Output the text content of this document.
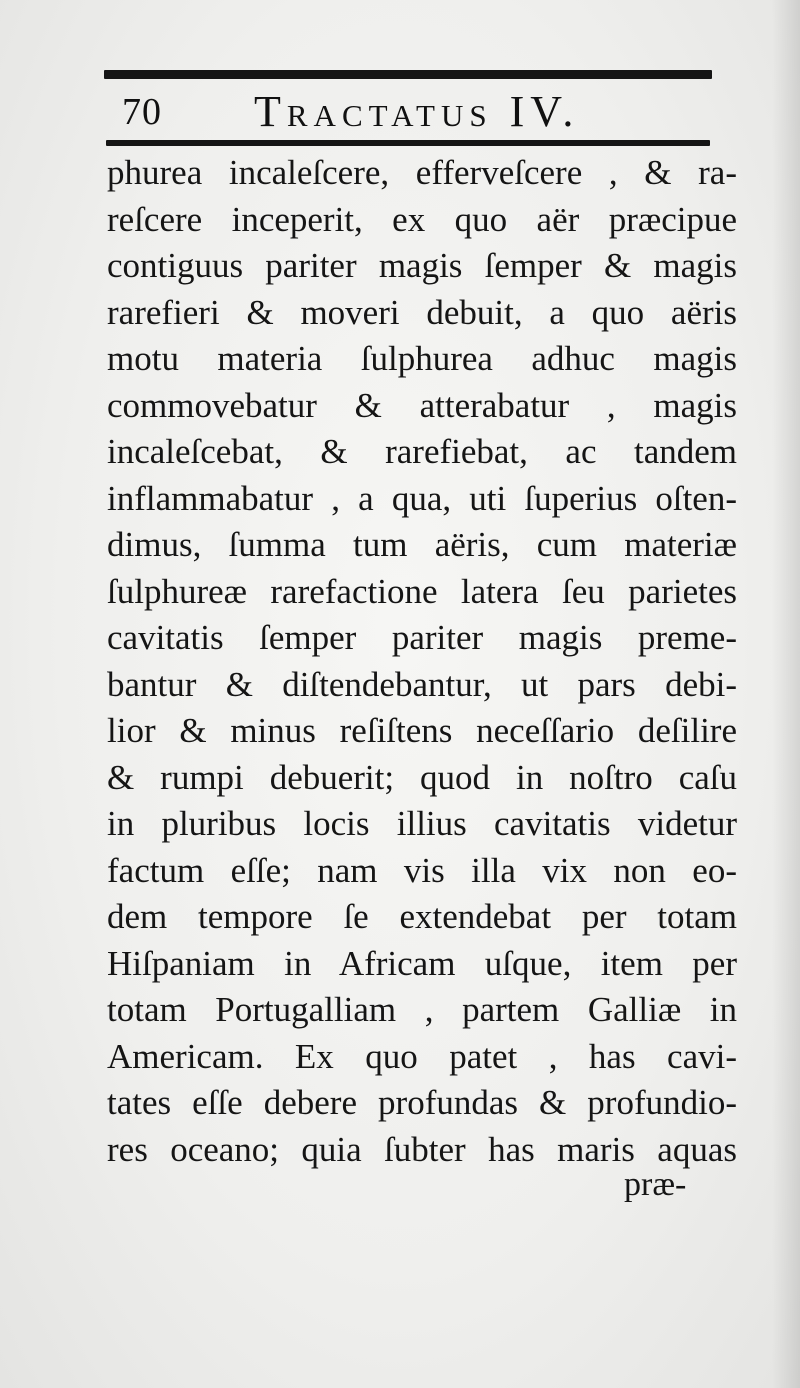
70 Tractatus IV.
phurea incaleſcere, efferveſcere , & ra-
reſcere inceperit, ex quo aër præcipue
contiguus pariter magis ſemper & magis
rarefieri & moveri debuit, a quo aëris
motu materia ſulphurea adhuc magis
commovebatur & atterabatur , magis
incaleſcebat, & rarefiebat, ac tandem
inflammabatur , a qua, uti ſuperius oſten-
dimus, ſumma tum aëris, cum materiæ
ſulphureæ rarefactione latera ſeu parietes
cavitatis ſemper pariter magis preme-
bantur & diſtendebantur, ut pars debi-
lior & minus reſiſtens neceſſario deſilire
& rumpi debuerit; quod in noſtro caſu
in pluribus locis illius cavitatis videtur
factum eſſe; nam vis illa vix non eo-
dem tempore ſe extendebat per totam
Hiſpaniam in Africam uſque, item per
totam Portugalliam , partem Galliæ in
Americam. Ex quo patet , has cavi-
tates eſſe debere profundas & profundio-
res oceano; quia ſubter has maris aquas
præ-
